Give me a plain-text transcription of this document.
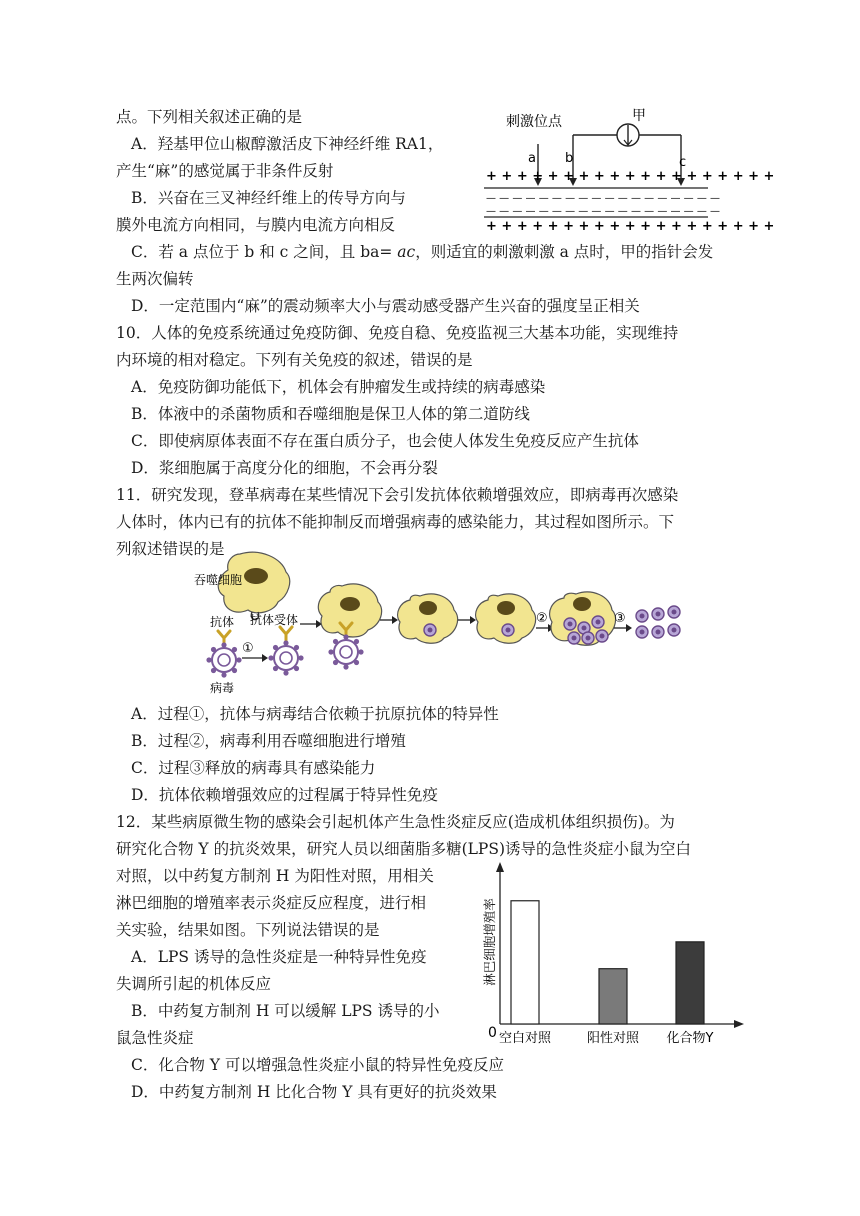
点。下列相关叙述正确的是
A．羟基甲位山椒醇激活皮下神经纤维 RA1，
产生“麻”的感觉属于非条件反射
B．兴奋在三叉神经纤维上的传导方向与
膜外电流方向相同，与膜内电流方向相反
C．若 a 点位于 b 和 c 之间，且 ba= 𝑎𝑐，则适宜的刺激刺激 a 点时，甲的指针会发
生两次偏转
D．一定范围内“麻”的震动频率大小与震动感受器产生兴奋的强度呈正相关
刺激位点	甲
a b	c
+ + + + + + + + + + + + + + + + + + +
— — — — — — — — — — — — — — — — — —
— — — — — — — — — — — — — — — — — —
+ + + + + + + + + + + + + + + + + + +
10．人体的免疫系统通过免疫防御、免疫自稳、免疫监视三大基本功能，实现维持
内环境的相对稳定。下列有关免疫的叙述，错误的是
A．免疫防御功能低下，机体会有肿瘤发生或持续的病毒感染
B．体液中的杀菌物质和吞噬细胞是保卫人体的第二道防线
C．即使病原体表面不存在蛋白质分子，也会使人体发生免疫反应产生抗体
D．浆细胞属于高度分化的细胞，不会再分裂
11．研究发现，登革病毒在某些情况下会引发抗体依赖增强效应，即病毒再次感染
人体时，体内已有的抗体不能抑制反而增强病毒的感染能力，其过程如图所示。下
列叙述错误的是
吞噬细胞
抗体受体
抗体
病毒
①
②	③
A．过程①，抗体与病毒结合依赖于抗原抗体的特异性
B．过程②，病毒利用吞噬细胞进行增殖
C．过程③释放的病毒具有感染能力
D．抗体依赖增强效应的过程属于特异性免疫
12．某些病原微生物的感染会引起机体产生急性炎症反应(造成机体组织损伤)。为
研究化合物 Y 的抗炎效果，研究人员以细菌脂多糖(LPS)诱导的急性炎症小鼠为空白
对照，以中药复方制剂 H 为阳性对照，用相关
淋巴细胞的增殖率表示炎症反应程度，进行相
关实验，结果如图。下列说法错误的是
A．LPS 诱导的急性炎症是一种特异性免疫
失调所引起的机体反应
B．中药复方制剂 H 可以缓解 LPS 诱导的小
鼠急性炎症
C．化合物 Y 可以增强急性炎症小鼠的特异性免疫反应
D．中药复方制剂 H 比化合物 Y 具有更好的抗炎效果
0
淋巴细胞增殖率
空白对照	阳性对照 化合物Y
